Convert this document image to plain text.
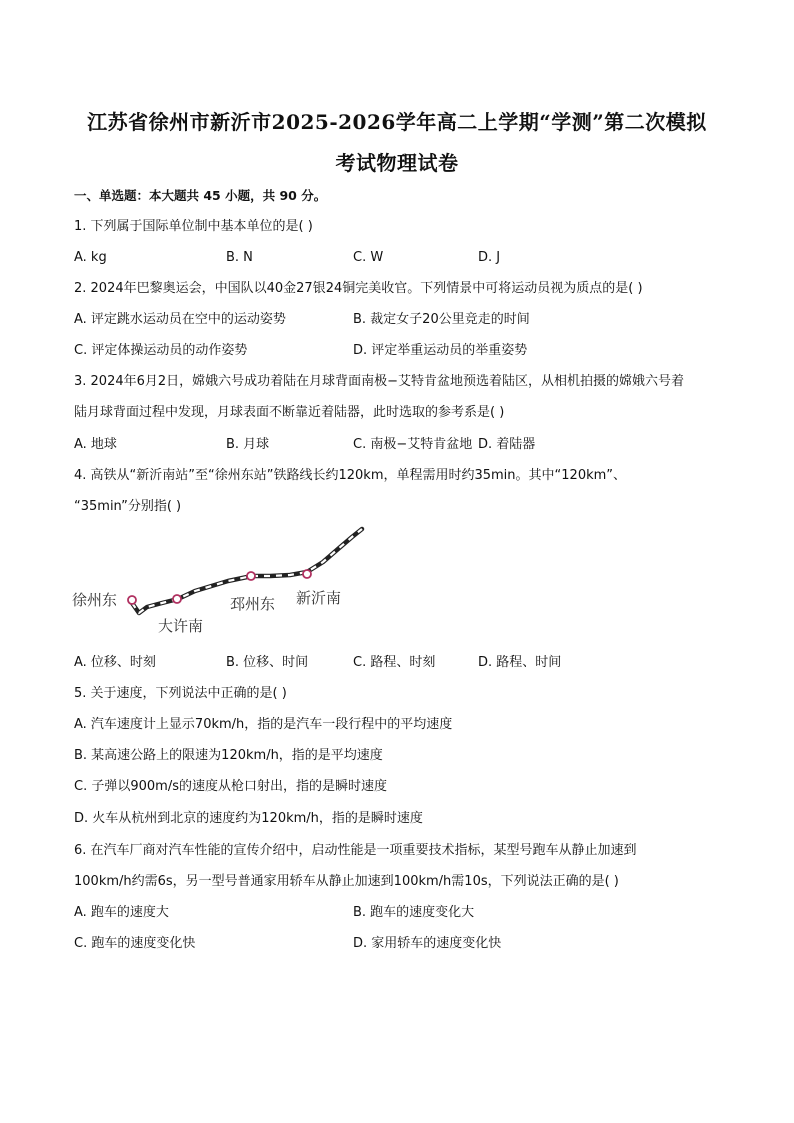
江苏省徐州市新沂市2025-2026学年高二上学期“学测”第二次模拟
考试物理试卷
一、单选题：本大题共 45 小题，共 90 分。
1. 下列属于国际单位制中基本单位的是( )
A. kg	B. N	C. W	D. J
2. 2024年巴黎奥运会，中国队以40金27银24铜完美收官。下列情景中可将运动员视为质点的是( )
A. 评定跳水运动员在空中的运动姿势	B. 裁定女子20公里竞走的时间
C. 评定体操运动员的动作姿势	D. 评定举重运动员的举重姿势
3. 2024年6月2日，嫦娥六号成功着陆在月球背面南极−艾特肯盆地预选着陆区，从相机拍摄的嫦娥六号着
陆月球背面过程中发现，月球表面不断靠近着陆器，此时选取的参考系是( )
A. 地球	B. 月球	C. 南极−艾特肯盆地 D. 着陆器
4. 高铁从“新沂南站”至“徐州东站”铁路线长约120km，单程需用时约35min。其中“120km”、
“35min”分别指( )
徐州东
大许南
邳州东 新沂南
A. 位移、时刻	B. 位移、时间	C. 路程、时刻	D. 路程、时间
5. 关于速度，下列说法中正确的是( )
A. 汽车速度计上显示70km/h，指的是汽车一段行程中的平均速度
B. 某高速公路上的限速为120km/h，指的是平均速度
C. 子弹以900m/s的速度从枪口射出，指的是瞬时速度
D. 火车从杭州到北京的速度约为120km/h，指的是瞬时速度
6. 在汽车厂商对汽车性能的宣传介绍中，启动性能是一项重要技术指标，某型号跑车从静止加速到
100km/h约需6s，另一型号普通家用轿车从静止加速到100km/h需10s，下列说法正确的是( )
A. 跑车的速度大	B. 跑车的速度变化大
C. 跑车的速度变化快	D. 家用轿车的速度变化快
